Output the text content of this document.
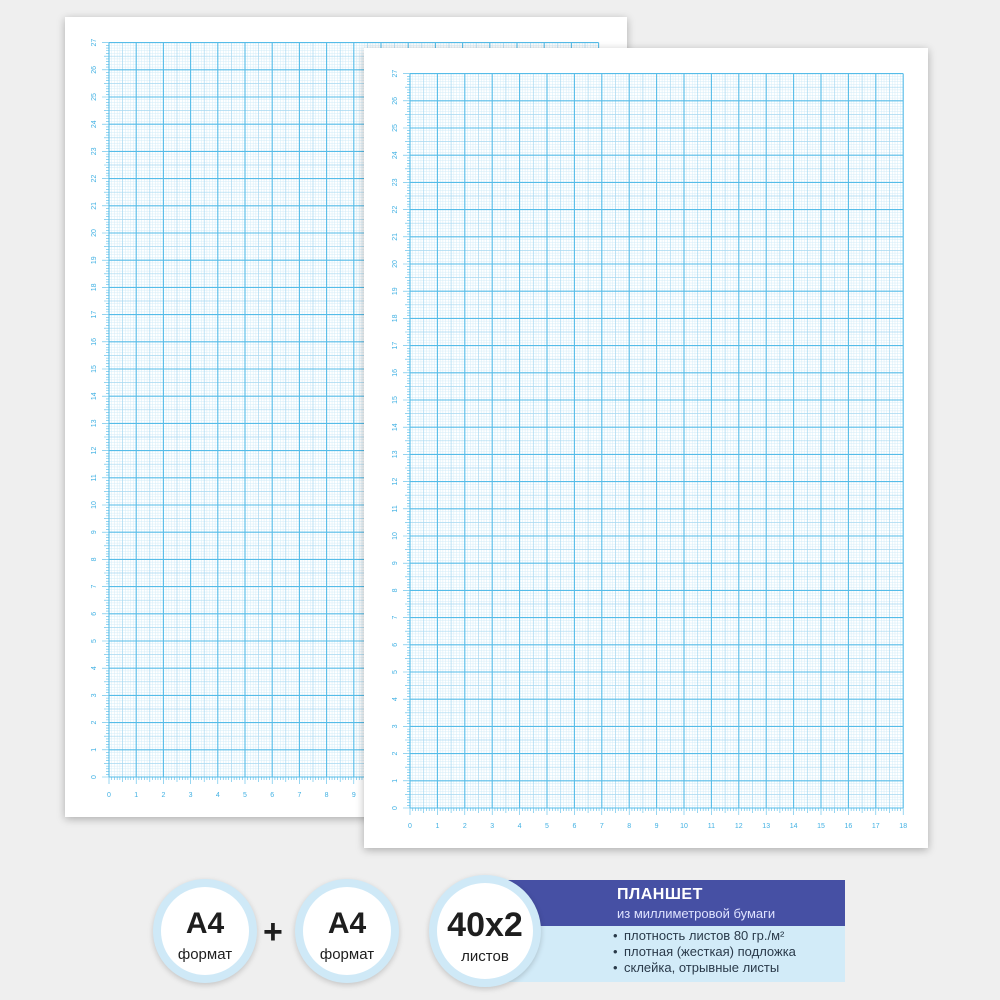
0
1
2
3
4
5
6
7
8
9
10
11
12
13
14
15
16
17
18
19
20
21
22
23
24
25
26
27
0	1	2	3	4	5	6	7	8	9
0
1
2
3
4
5
6
7
8
9
10
11
12
13
14
15
16
17
18
19
20
21
22
23
24
25
26
27
0	1	2	3	4	5	6	7	8	9	10	11	12	13	14	15	16	17	18
А4
формат
+	А4
формат
ПЛАНШЕТ
из миллиметровой бумаги
• плотность листов 80 гр./м²
• плотная (жесткая) подложка
• склейка, отрывные листы
40х2
листов
